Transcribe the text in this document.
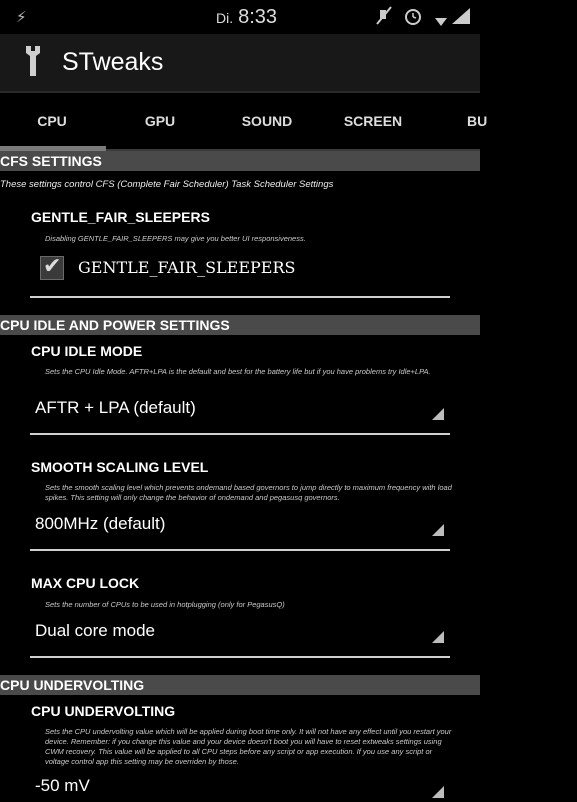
⚡	Di. 8:33
STweaks
CPU	GPU	SOUND	SCREEN	BU
CFS SETTINGS
These settings control CFS (Complete Fair Scheduler) Task Scheduler Settings
GENTLE_FAIR_SLEEPERS
Disabling GENTLE_FAIR_SLEEPERS may give you better UI responsiveness.
✔ GENTLE_FAIR_SLEEPERS
CPU IDLE AND POWER SETTINGS
CPU IDLE MODE
Sets the CPU Idle Mode. AFTR+LPA is the default and best for the battery life but if you have problems try Idle+LPA.
AFTR + LPA (default)
SMOOTH SCALING LEVEL
Sets the smooth scaling level which prevents ondemand based governors to jump directly to maximum frequency with load spikes. This setting will only change the behavior of ondemand and pegasusq governors.
800MHz (default)
MAX CPU LOCK
Sets the number of CPUs to be used in hotplugging (only for PegasusQ)
Dual core mode
CPU UNDERVOLTING
CPU UNDERVOLTING
Sets the CPU undervolting value which will be applied during boot time only. It will not have any effect until you restart your device. Remember: if you change this value and your device doesn't boot you will have to reset extweaks settings using CWM recovery. This value will be applied to all CPU steps before any script or app execution. If you use any script or voltage control app this setting may be overriden by those.
-50 mV
